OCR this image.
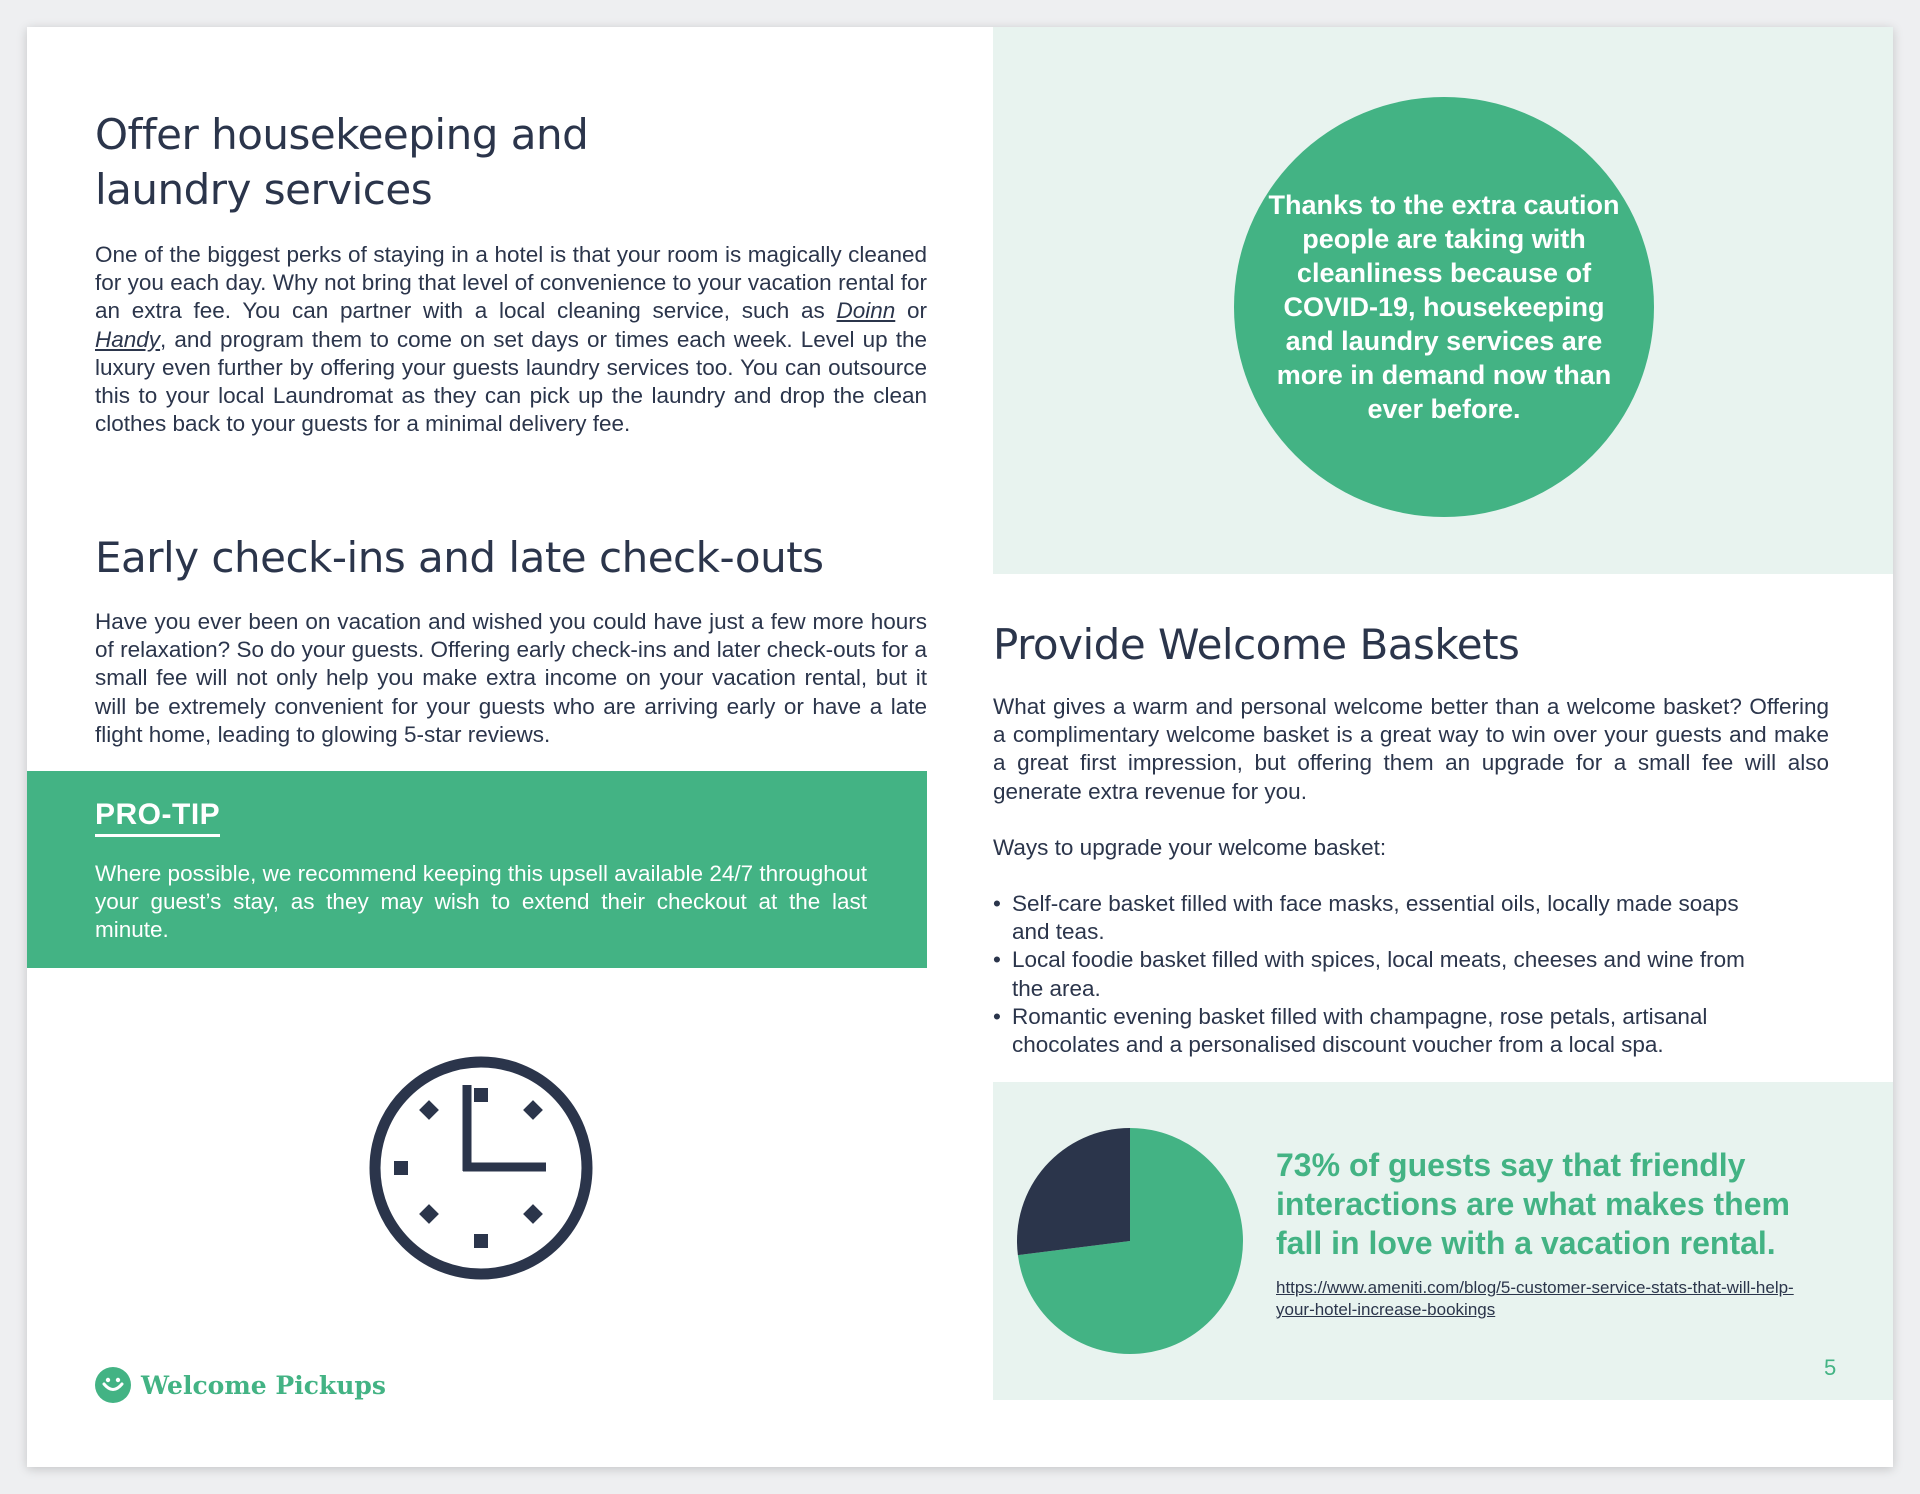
Offer housekeeping and laundry services

One of the biggest perks of staying in a hotel is that your room is magically cleaned for you each day. Why not bring that level of convenience to your vacation rental for an extra fee. You can partner with a local cleaning service, such as Doinn or Handy, and program them to come on set days or times each week. Level up the luxury even further by offering your guests laundry services too. You can outsource this to your local Laundromat as they can pick up the laundry and drop the clean clothes back to your guests for a minimal delivery fee.

Early check-ins and late check-outs

Have you ever been on vacation and wished you could have just a few more hours of relaxation? So do your guests. Offering early check-ins and later check-outs for a small fee will not only help you make extra income on your vacation rental, but it will be extremely convenient for your guests who are arriving early or have a late flight home, leading to glowing 5-star reviews.

PRO-TIP

Where possible, we recommend keeping this upsell available 24/7 throughout your guest’s stay, as they may wish to extend their checkout at the last minute.

Welcome Pickups

Thanks to the extra caution people are taking with cleanliness because of COVID-19, housekeeping and laundry services are more in demand now than ever before.

Provide Welcome Baskets

What gives a warm and personal welcome better than a welcome basket? Offering a complimentary welcome basket is a great way to win over your guests and make a great first impression, but offering them an upgrade for a small fee will also generate extra revenue for you.

Ways to upgrade your welcome basket:

• Self-care basket filled with face masks, essential oils, locally made soaps and teas.
• Local foodie basket filled with spices, local meats, cheeses and wine from the area.
• Romantic evening basket filled with champagne, rose petals, artisanal chocolates and a personalised discount voucher from a local spa.

73% of guests say that friendly interactions are what makes them fall in love with a vacation rental.

https://www.ameniti.com/blog/5-customer-service-stats-that-will-help-your-hotel-increase-bookings
5
